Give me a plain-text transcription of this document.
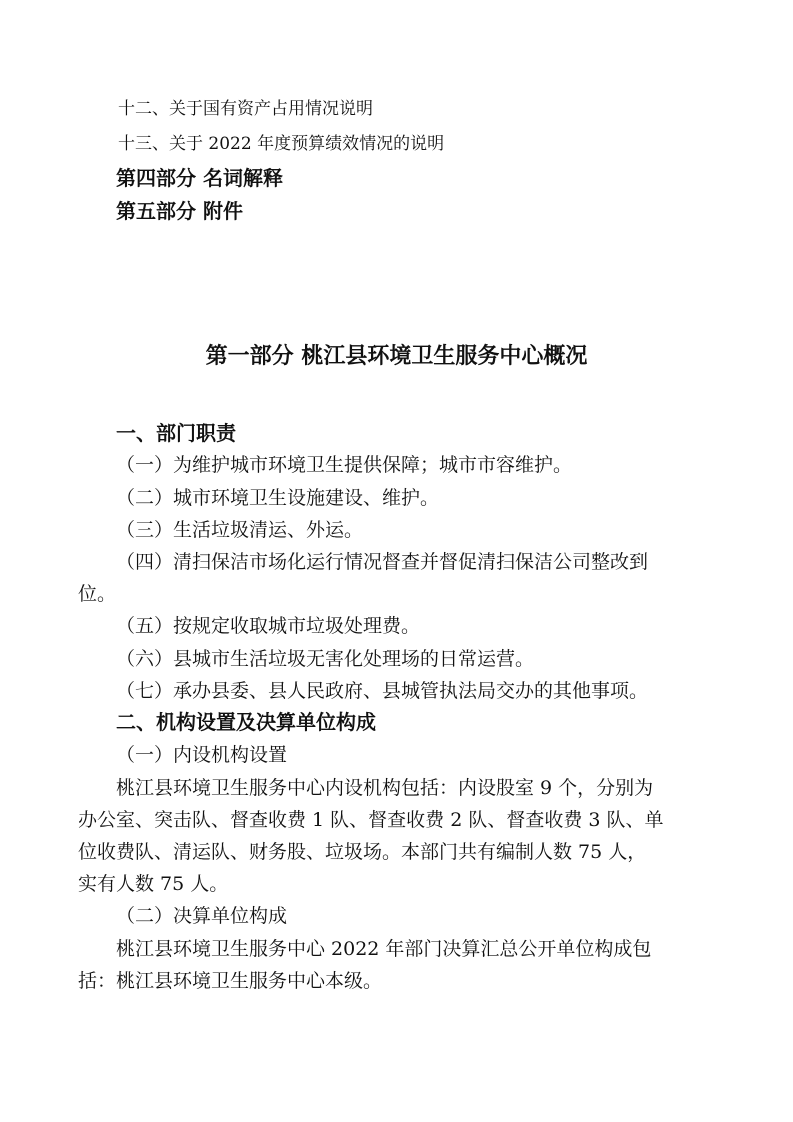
十二、关于国有资产占用情况说明
十三、关于 2022 年度预算绩效情况的说明
第四部分 名词解释
第五部分 附件
第一部分 桃江县环境卫生服务中心概况
一、部门职责
（一）为维护城市环境卫生提供保障；城市市容维护。
（二）城市环境卫生设施建设、维护。
（三）生活垃圾清运、外运。
（四）清扫保洁市场化运行情况督查并督促清扫保洁公司整改到
位。
（五）按规定收取城市垃圾处理费。
（六）县城市生活垃圾无害化处理场的日常运营。
（七）承办县委、县人民政府、县城管执法局交办的其他事项。
二、机构设置及决算单位构成
（一）内设机构设置
桃江县环境卫生服务中心内设机构包括：内设股室 9 个，分别为
办公室、突击队、督查收费 1 队、督查收费 2 队、督查收费 3 队、单
位收费队、清运队、财务股、垃圾场。本部门共有编制人数 75 人，
实有人数 75 人。
（二）决算单位构成
桃江县环境卫生服务中心 2022 年部门决算汇总公开单位构成包
括：桃江县环境卫生服务中心本级。
